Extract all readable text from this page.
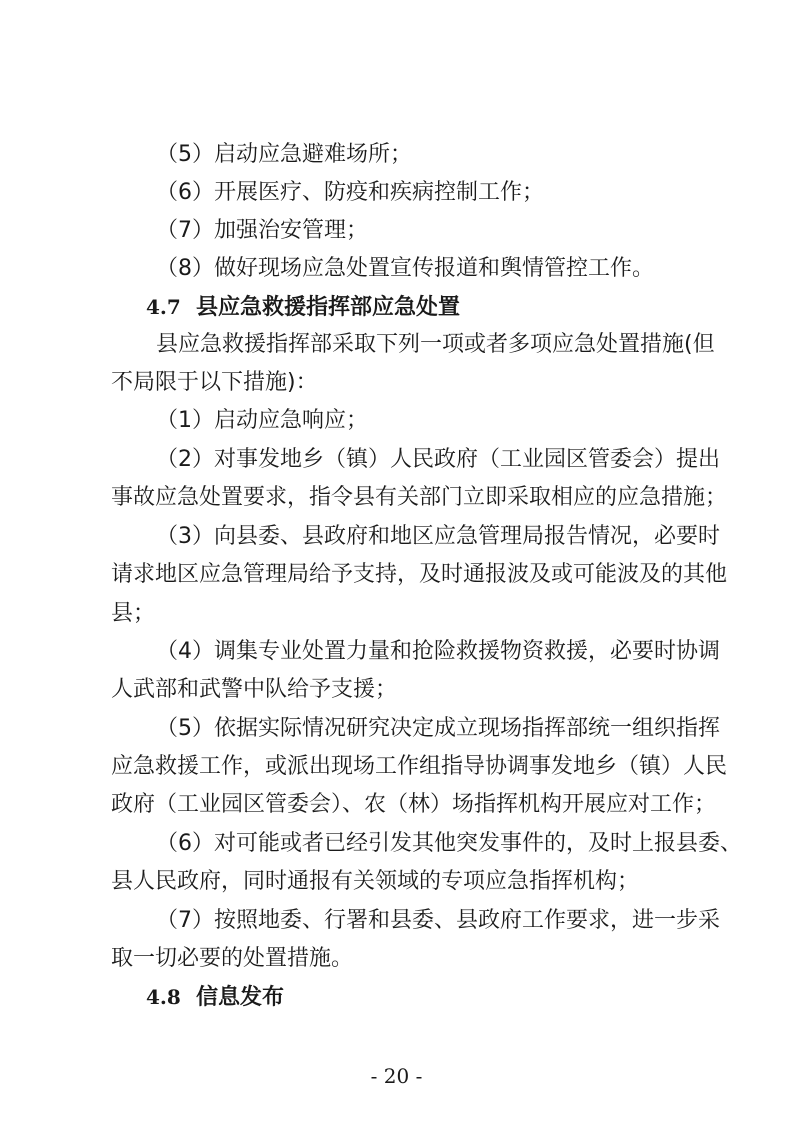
（5）启动应急避难场所；
（6）开展医疗、防疫和疾病控制工作；
（7）加强治安管理；
（8）做好现场应急处置宣传报道和舆情管控工作。
4.7 县应急救援指挥部应急处置
县应急救援指挥部采取下列一项或者多项应急处置措施(但
不局限于以下措施)：
（1）启动应急响应；
（2）对事发地乡（镇）人民政府（工业园区管委会）提出
事故应急处置要求，指令县有关部门立即采取相应的应急措施；
（3）向县委、县政府和地区应急管理局报告情况，必要时
请求地区应急管理局给予支持，及时通报波及或可能波及的其他
县；
（4）调集专业处置力量和抢险救援物资救援，必要时协调
人武部和武警中队给予支援；
（5）依据实际情况研究决定成立现场指挥部统一组织指挥
应急救援工作，或派出现场工作组指导协调事发地乡（镇）人民
政府（工业园区管委会）、农（林）场指挥机构开展应对工作；
（6）对可能或者已经引发其他突发事件的，及时上报县委、
县人民政府，同时通报有关领域的专项应急指挥机构；
（7）按照地委、行署和县委、县政府工作要求，进一步采
取一切必要的处置措施。
4.8 信息发布
- 20 -
